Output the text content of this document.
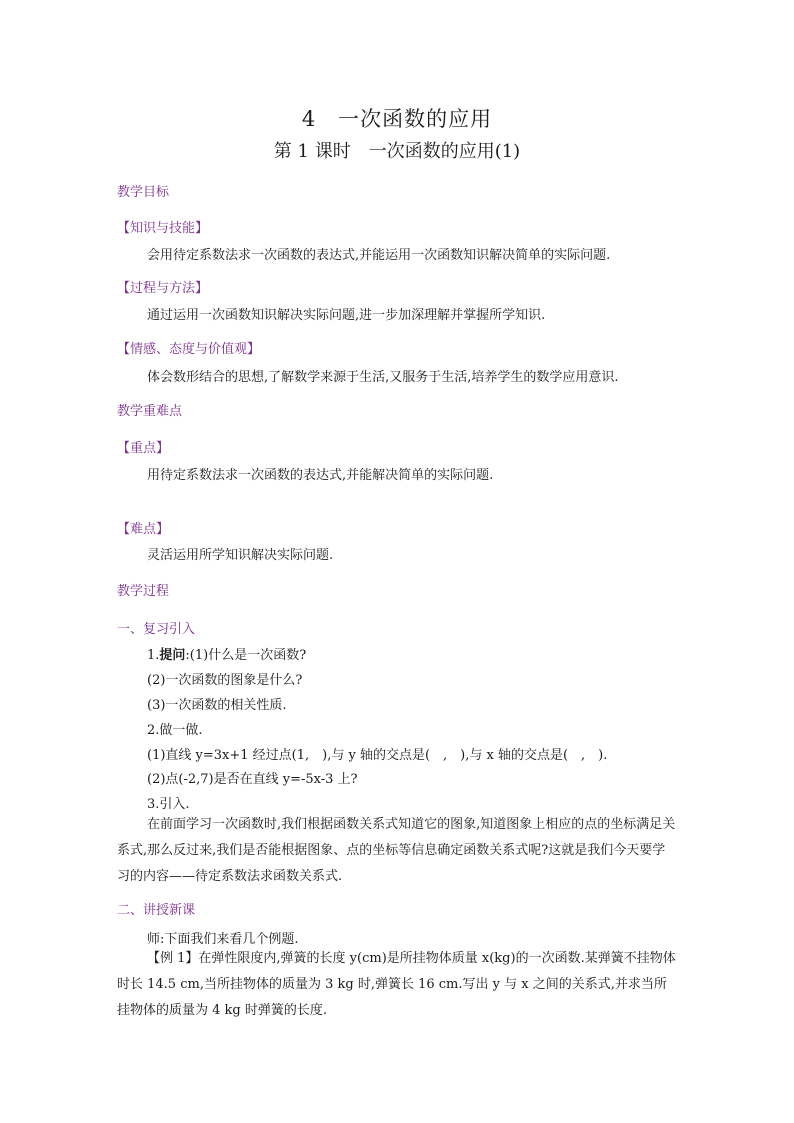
4　一次函数的应用
第 1 课时　一次函数的应用(1)
教学目标
【知识与技能】
会用待定系数法求一次函数的表达式,并能运用一次函数知识解决简单的实际问题.
【过程与方法】
通过运用一次函数知识解决实际问题,进一步加深理解并掌握所学知识.
【情感、态度与价值观】
体会数形结合的思想,了解数学来源于生活,又服务于生活,培养学生的数学应用意识.
教学重难点
【重点】
用待定系数法求一次函数的表达式,并能解决简单的实际问题.
【难点】
灵活运用所学知识解决实际问题.
教学过程
一、复习引入
1.提问:(1)什么是一次函数?
(2)一次函数的图象是什么?
(3)一次函数的相关性质.
2.做一做.
(1)直线 y=3x+1 经过点(1,　),与 y 轴的交点是(　,　),与 x 轴的交点是(　,　).
(2)点(-2,7)是否在直线 y=-5x-3 上?
3.引入.
在前面学习一次函数时,我们根据函数关系式知道它的图象,知道图象上相应的点的坐标满足关系式,那么反过来,我们是否能根据图象、点的坐标等信息确定函数关系式呢?这就是我们今天要学习的内容——待定系数法求函数关系式.
二、讲授新课
师:下面我们来看几个例题.
【例 1】在弹性限度内,弹簧的长度 y(cm)是所挂物体质量 x(kg)的一次函数.某弹簧不挂物体时长 14.5 cm,当所挂物体的质量为 3 kg 时,弹簧长 16 cm.写出 y 与 x 之间的关系式,并求当所挂物体的质量为 4 kg 时弹簧的长度.
